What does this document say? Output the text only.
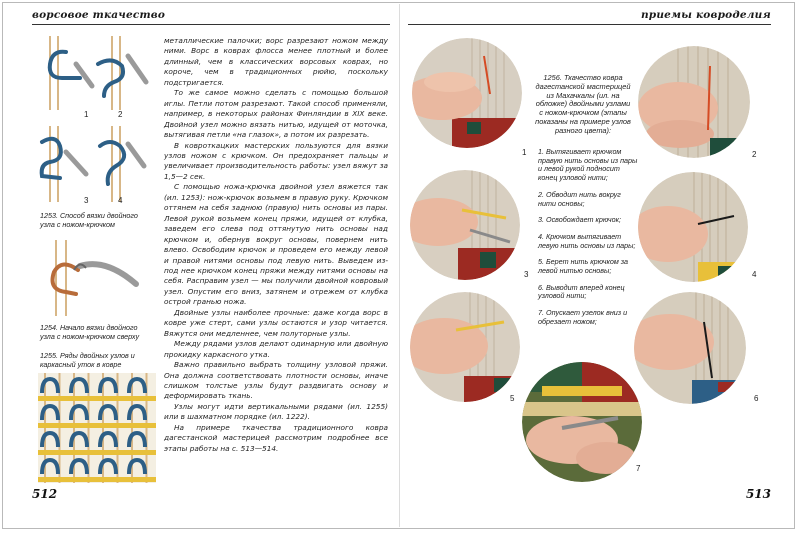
ворсовое ткачество
1	2
3	4
1253. Способ вязки двойного узла с ножом-крючком
1254. Начало вязки двойного узла с ножом-крючком сверху
1255. Ряды двойных узлов и каркасный уток в ковре

металлические палочки; ворс разрезают ножом между ними. Ворс в коврах флосса менее плотный и более длинный, чем в классических ворсовых коврах, но короче, чем в традиционных рюйю, поскольку подстригается.

То же самое можно сделать с помощью большой иглы. Петли потом разрезают. Такой способ применяли, например, в некоторых районах Финляндии в XIX веке. Двойной узел можно вязать нитью, идущей от моточка, вытягивая петли «на глазок», а потом их разрезать.

В ковроткацких мастерских пользуются для вязки узлов ножом с крючком. Он предохраняет пальцы и увеличивает производительность работы: узел вяжут за 1,5—2 сек.

С помощью ножа-крючка двойной узел вяжется так (ил. 1253): нож-крючок возьмем в правую руку. Крючком оттянем на себя заднюю (правую) нить основы из пары. Левой рукой возьмем конец пряжи, идущей от клубка, заведем его слева под оттянутую нить основы над крючком и, обернув вокруг основы, повернем нить влево. Освободим крючок и проведем его между левой и правой нитями основы под левую нить. Выведем из-под нее крючком конец пряжи между нитями основы на себя. Расправим узел — мы получили двойной ковровый узел. Опустим его вниз, затянем и отрежем от клубка острой гранью ножа.

Двойные узлы наиболее прочные: даже когда ворс в ковре уже стерт, сами узлы остаются и узор читается. Вяжутся они медленнее, чем полуторные узлы.

Между рядами узлов делают одинарную или двойную прокидку каркасного утка.

Важно правильно выбрать толщину узловой пряжи. Она должна соответствовать плотности основы, иначе слишком толстые узлы будут раздвигать основу и деформировать ткань.

Узлы могут идти вертикальными рядами (ил. 1255) или в шахматном порядке (ил. 1222).

На примере ткачества традиционного ковра дагестанской мастерицей рассмотрим подробнее все этапы работы на с. 513—514.

512
приемы ковроделия
1	2
3	4
5	6
7
1256. Ткачество ковра дагестанской мастерицей из Махачкалы (ил. на обложке) двойными узлами с ножом-крючком (этапы показаны на примере узлов разного цвета):
1. Вытягивает крючком правую нить основы из пары и левой рукой подносит конец узловой нити;
2. Обводит нить вокруг нити основы;
3. Освобождает крючок;
4. Крючком вытягивает левую нить основы из пары;
5. Берет нить крючком за левой нитью основы;
6. Выводит вперед конец узловой нити;
7. Опускает узелок вниз и обрезает ножом;
513
